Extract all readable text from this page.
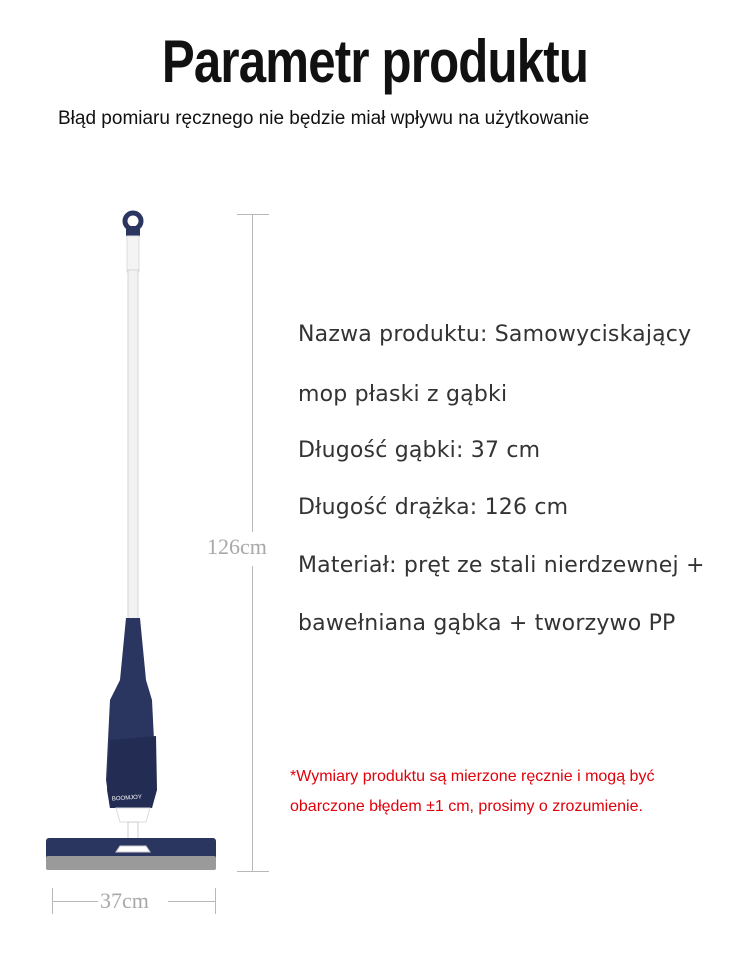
Parametr produktu
Błąd pomiaru ręcznego nie będzie miał wpływu na użytkowanie
BOOMJOY
126cm
37cm
Nazwa produktu: Samowyciskający
mop płaski z gąbki
Długość gąbki: 37 cm
Długość drążka: 126 cm
Materiał: pręt ze stali nierdzewnej +
bawełniana gąbka + tworzywo PP
*Wymiary produktu są mierzone ręcznie i mogą być
obarczone błędem ±1 cm, prosimy o zrozumienie.
